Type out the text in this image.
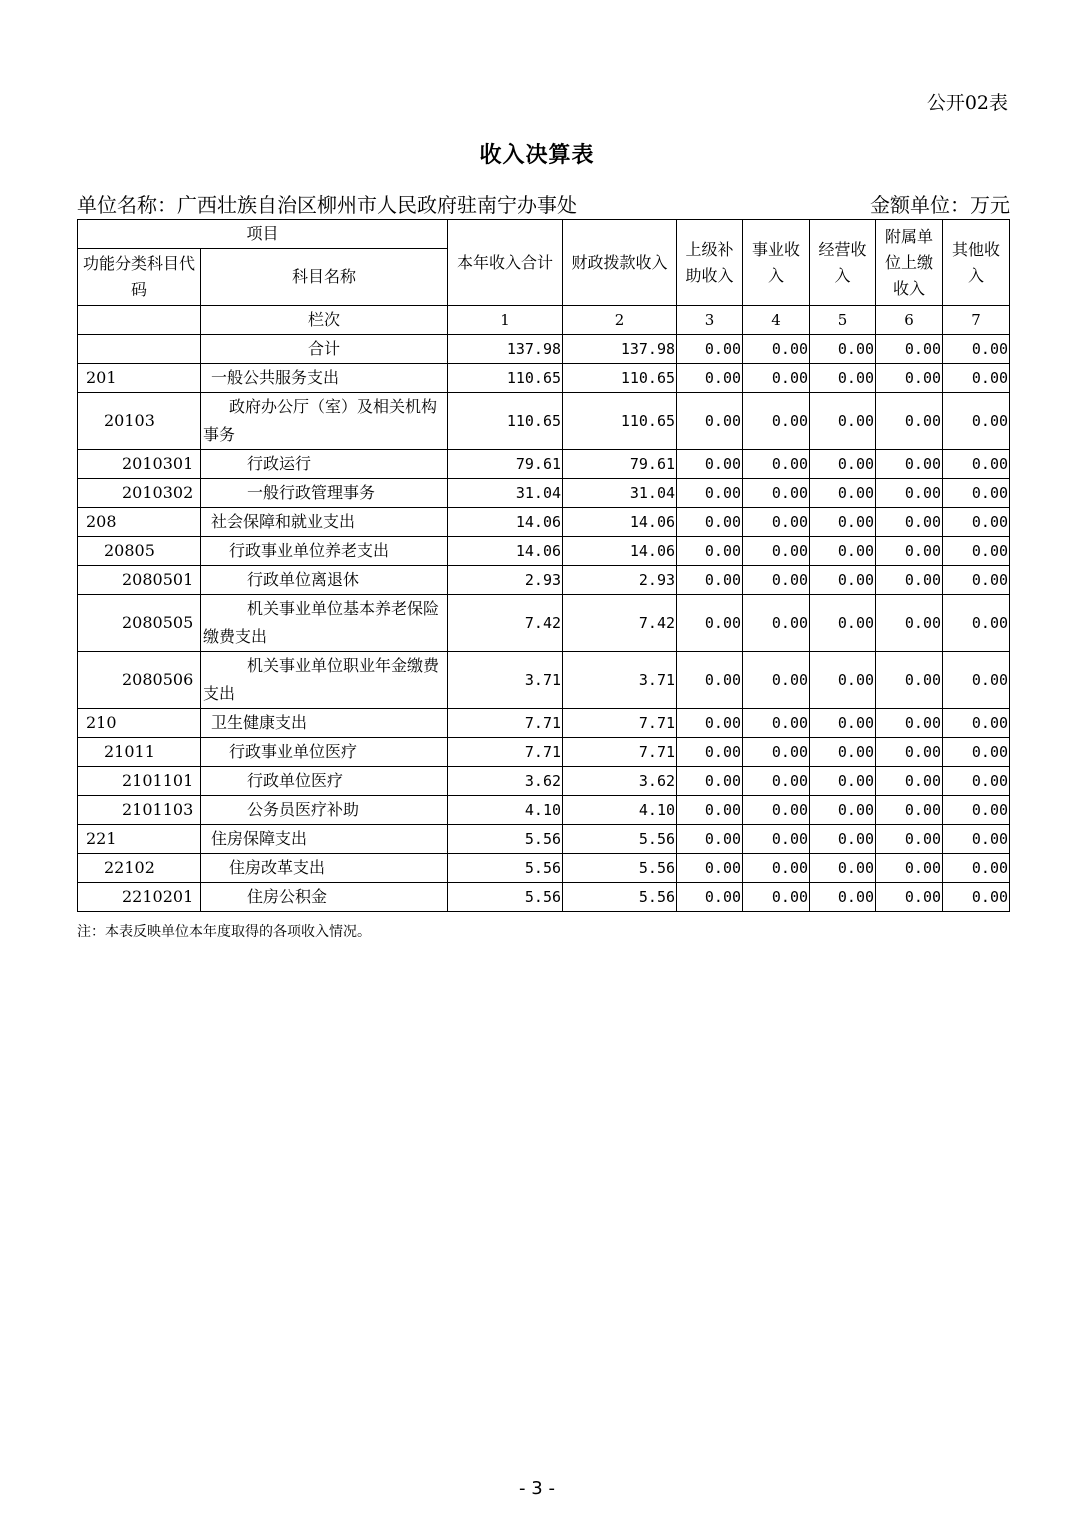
公开02表
收入决算表
单位名称：广西壮族自治区柳州市人民政府驻南宁办事处	金额单位：万元
项目		本年收入合计	财政拨款收入	上级补助收入	事业收入	经营收入	附属单位上缴收入	其他收入
功能分类科目代码	科目名称							
	栏次	1	2	3	4	5	6	7
	合计	137.98	137.98	0.00	0.00	0.00	0.00	0.00
201	一般公共服务支出	110.65	110.65	0.00	0.00	0.00	0.00	0.00
20103	政府办公厅（室）及相关机构事务	110.65	110.65	0.00	0.00	0.00	0.00	0.00
2010301	行政运行	79.61	79.61	0.00	0.00	0.00	0.00	0.00
2010302	一般行政管理事务	31.04	31.04	0.00	0.00	0.00	0.00	0.00
208	社会保障和就业支出	14.06	14.06	0.00	0.00	0.00	0.00	0.00
20805	行政事业单位养老支出	14.06	14.06	0.00	0.00	0.00	0.00	0.00
2080501	行政单位离退休	2.93	2.93	0.00	0.00	0.00	0.00	0.00
2080505	机关事业单位基本养老保险缴费支出	7.42	7.42	0.00	0.00	0.00	0.00	0.00
2080506	机关事业单位职业年金缴费支出	3.71	3.71	0.00	0.00	0.00	0.00	0.00
210	卫生健康支出	7.71	7.71	0.00	0.00	0.00	0.00	0.00
21011	行政事业单位医疗	7.71	7.71	0.00	0.00	0.00	0.00	0.00
2101101	行政单位医疗	3.62	3.62	0.00	0.00	0.00	0.00	0.00
2101103	公务员医疗补助	4.10	4.10	0.00	0.00	0.00	0.00	0.00
221	住房保障支出	5.56	5.56	0.00	0.00	0.00	0.00	0.00
22102	住房改革支出	5.56	5.56	0.00	0.00	0.00	0.00	0.00
2210201	住房公积金	5.56	5.56	0.00	0.00	0.00	0.00	0.00
注：本表反映单位本年度取得的各项收入情况。
- 3 -
